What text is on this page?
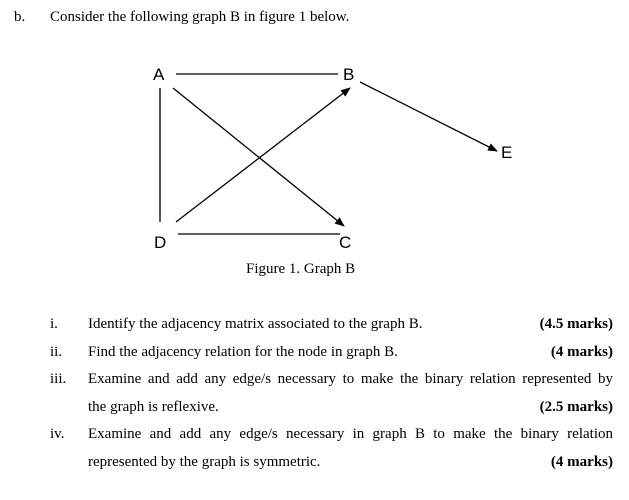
b. Consider the following graph B in figure 1 below.
A	B
C
D
E
Figure 1. Graph B
i. Identify the adjacency matrix associated to the graph B.	(4.5 marks)
ii. Find the adjacency relation for the node in graph B.	(4 marks)
iii. Examine and add any edge/s necessary to make the binary relation represented by
the graph is reflexive.	(2.5 marks)
iv. Examine and add any edge/s necessary in graph B to make the binary relation
represented by the graph is symmetric.	(4 marks)
